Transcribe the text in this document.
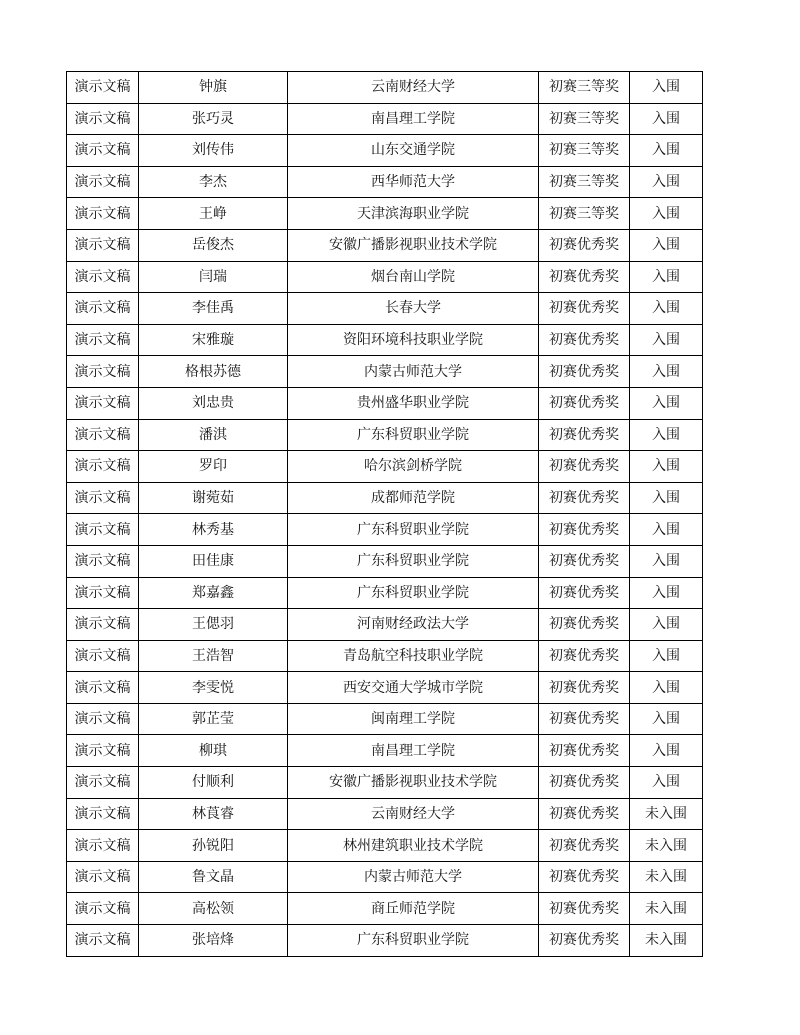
演示文稿	钟旗	云南财经大学	初赛三等奖	入围
演示文稿	张巧灵	南昌理工学院	初赛三等奖	入围
演示文稿	刘传伟	山东交通学院	初赛三等奖	入围
演示文稿	李杰	西华师范大学	初赛三等奖	入围
演示文稿	王峥	天津滨海职业学院	初赛三等奖	入围
演示文稿	岳俊杰	安徽广播影视职业技术学院	初赛优秀奖	入围
演示文稿	闫瑞	烟台南山学院	初赛优秀奖	入围
演示文稿	李佳禹	长春大学	初赛优秀奖	入围
演示文稿	宋雅璇	资阳环境科技职业学院	初赛优秀奖	入围
演示文稿	格根苏德	内蒙古师范大学	初赛优秀奖	入围
演示文稿	刘忠贵	贵州盛华职业学院	初赛优秀奖	入围
演示文稿	潘淇	广东科贸职业学院	初赛优秀奖	入围
演示文稿	罗印	哈尔滨剑桥学院	初赛优秀奖	入围
演示文稿	谢菀茹	成都师范学院	初赛优秀奖	入围
演示文稿	林秀基	广东科贸职业学院	初赛优秀奖	入围
演示文稿	田佳康	广东科贸职业学院	初赛优秀奖	入围
演示文稿	郑嘉鑫	广东科贸职业学院	初赛优秀奖	入围
演示文稿	王偲羽	河南财经政法大学	初赛优秀奖	入围
演示文稿	王浩智	青岛航空科技职业学院	初赛优秀奖	入围
演示文稿	李雯悦	西安交通大学城市学院	初赛优秀奖	入围
演示文稿	郭芷莹	闽南理工学院	初赛优秀奖	入围
演示文稿	柳琪	南昌理工学院	初赛优秀奖	入围
演示文稿	付顺利	安徽广播影视职业技术学院	初赛优秀奖	入围
演示文稿	林莨睿	云南财经大学	初赛优秀奖	未入围
演示文稿	孙锐阳	林州建筑职业技术学院	初赛优秀奖	未入围
演示文稿	鲁文晶	内蒙古师范大学	初赛优秀奖	未入围
演示文稿	高松领	商丘师范学院	初赛优秀奖	未入围
演示文稿	张培烽	广东科贸职业学院	初赛优秀奖	未入围
